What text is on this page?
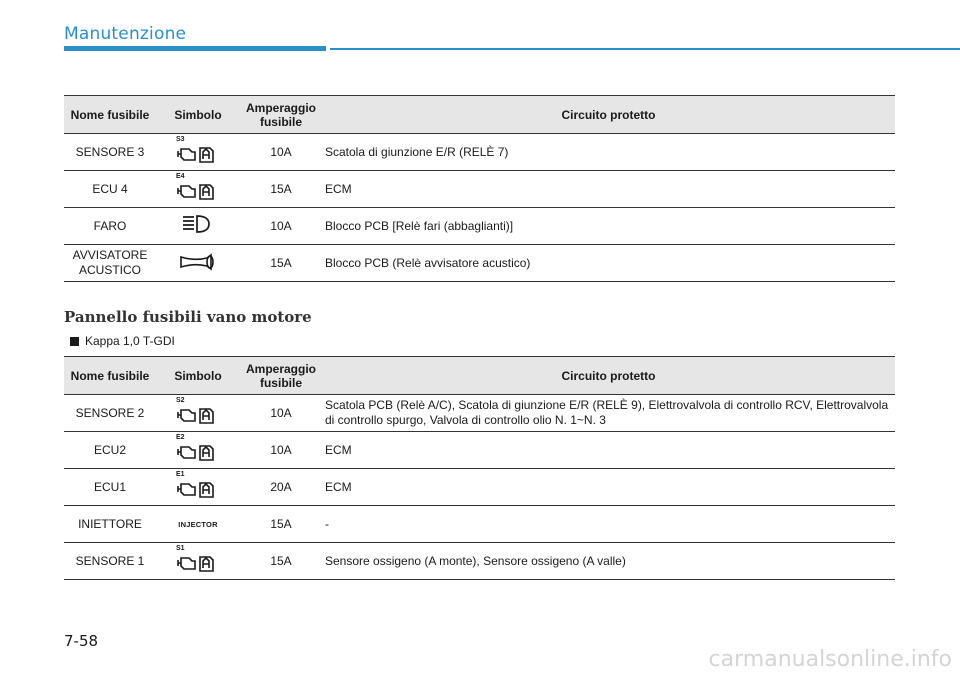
Manutenzione
Nome fusibile	Simbolo	Amperaggio fusibile	Circuito protetto
SENSORE 3	S3	10A	Scatola di giunzione E/R (RELÈ 7)
ECU 4	E4	15A	ECM
FARO		10A	Blocco PCB [Relè fari (abbaglianti)]
AVVISATORE ACUSTICO		15A	Blocco PCB (Relè avvisatore acustico)
Pannello fusibili vano motore
Kappa 1,0 T-GDI
Nome fusibile	Simbolo	Amperaggio fusibile	Circuito protetto
SENSORE 2	S2	10A	Scatola PCB (Relè A/C), Scatola di giunzione E/R (RELÈ 9), Elettrovalvola di controllo RCV, Elettrovalvola di controllo spurgo, Valvola di controllo olio N. 1~N. 3
ECU2	E2	10A	ECM
ECU1	E1	20A	ECM
INIETTORE	INJECTOR	15A	-
SENSORE 1	S1	15A	Sensore ossigeno (A monte), Sensore ossigeno (A valle)
7-58
carmanualsonline.info
